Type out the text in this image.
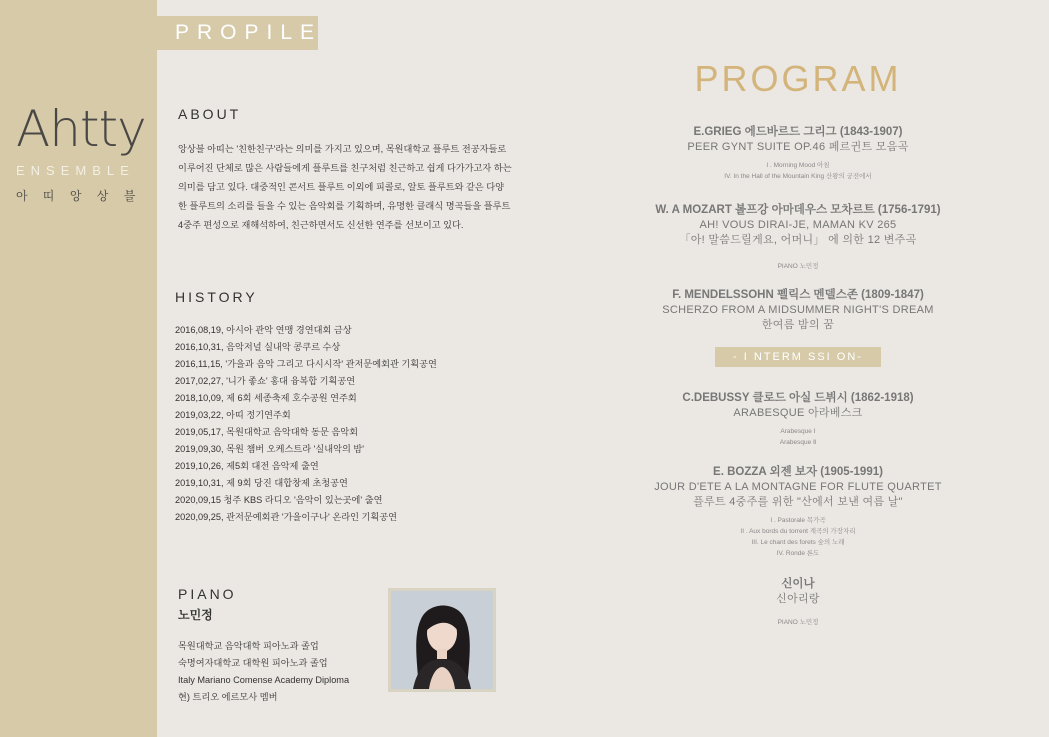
Ahtty
ENSEMBLE
아 띠 앙 상 블
PROPILE
ABOUT
앙상블 아띠는 '친한친구'라는 의미를 가지고 있으며, 목원대학교 플루트 전공자들로
이루어진 단체로 많은 사람들에게 플루트를 친구처럼 친근하고 쉽게 다가가고자 하는
의미를 담고 있다. 대중적인 콘서트 플루트 이외에 피콜로, 알토 플루트와 같은 다양
한 플루트의 소리를 들을 수 있는 음악회를 기획하며, 유명한 클래식 명곡들을 플루트
4중주 편성으로 재해석하여, 친근하면서도 신선한 연주를 선보이고 있다.
HISTORY
2016,08,19, 아시아 관악 연맹 경연대회 금상
2016,10,31, 음악저널 실내악 콩쿠르 수상
2016,11,15, '가을과 음악 그리고 다시시작' 관저문예회관 기획공연
2017,02,27, '니가 좋쇼' 홍대 융복합 기획공연
2018,10,09, 제 6회 세종축제 호수공원 연주회
2019,03,22, 아띠 정기연주회
2019,05,17, 목원대학교 음악대학 동문 음악회
2019,09,30, 목원 챔버 오케스트라 '실내악의 밤'
2019,10,26, 제5회 대전 음악제 출연
2019,10,31, 제 9회 당진 대합창제 초청공연
2020,09,15 청주 KBS 라디오 '음악이 있는곳에' 출연
2020,09,25, 관저문예회관 '가을이구나' 온라인 기획공연
PIANO
노민정
목원대학교 음악대학 피아노과 졸업
숙명여자대학교 대학원 피아노과 졸업
Italy Mariano Comense Academy Diploma
현) 트리오 에르모사 멤버
PROGRAM
E.GRIEG 에드바르드 그리그 (1843-1907)
PEER GYNT SUITE OP.46 페르귄트 모음곡
I . Morning Mood 아침
IV. In the Hall of the Mountain King 산왕의 궁전에서
W. A MOZART 볼프강 아마데우스 모차르트 (1756-1791)
AH! VOUS DIRAI-JE, MAMAN KV 265
「아! 말씀드릴게요, 어머니」 에 의한 12 변주곡
PIANO 노민정
F. MENDELSSOHN 펠릭스 멘델스존 (1809-1847)
SCHERZO FROM A MIDSUMMER NIGHT'S DREAM
한여름 밤의 꿈
- I NTERM SSI ON-
C.DEBUSSY 클로드 아실 드뷔시 (1862-1918)
ARABESQUE 아라베스크
Arabesque Ⅰ
Arabesque Ⅱ
E. BOZZA 외젠 보자 (1905-1991)
JOUR D'ETE A LA MONTAGNE FOR FLUTE QUARTET
플루트 4중주를 위한 "산에서 보낸 여름 날"
I . Pastorale 목가곡
II . Aux bords du torrent 계곡의 가장자리
III. Le chant des forets 숲의 노래
IV. Ronde 론도
신이나
신아리랑
PIANO 노민정
